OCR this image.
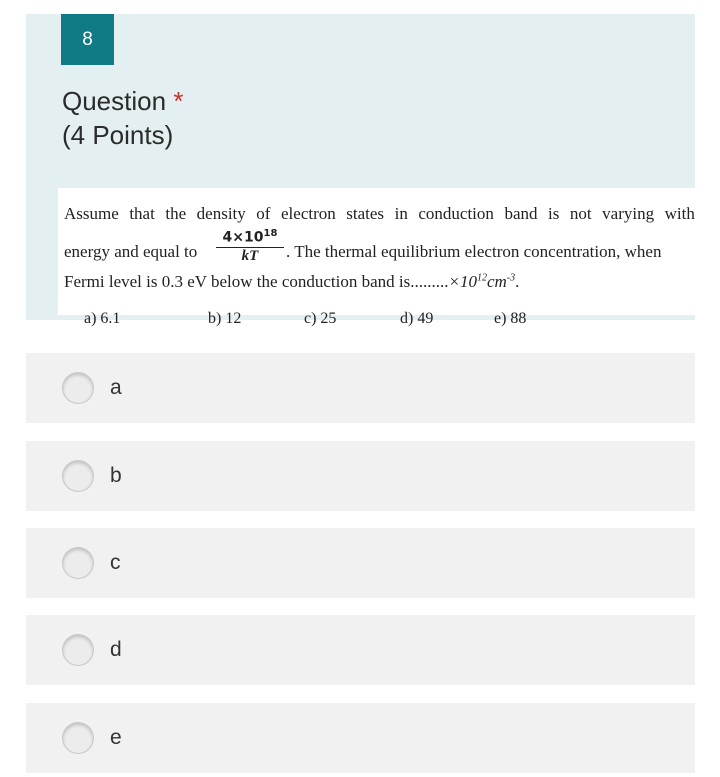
8
Question *
(4 Points)
Assume that the density of electron states in conduction band is not varying with
$4\times 10^{18}$
kT
energy and equal to	. The thermal equilibrium electron concentration, when
Fermi level is 0.3 eV below the conduction band $is.........\times 10^{12}cm^{-3}$.
a) 6.1	b) 12	c) 25	d) 49	e) 88
a
b
c
d
e
